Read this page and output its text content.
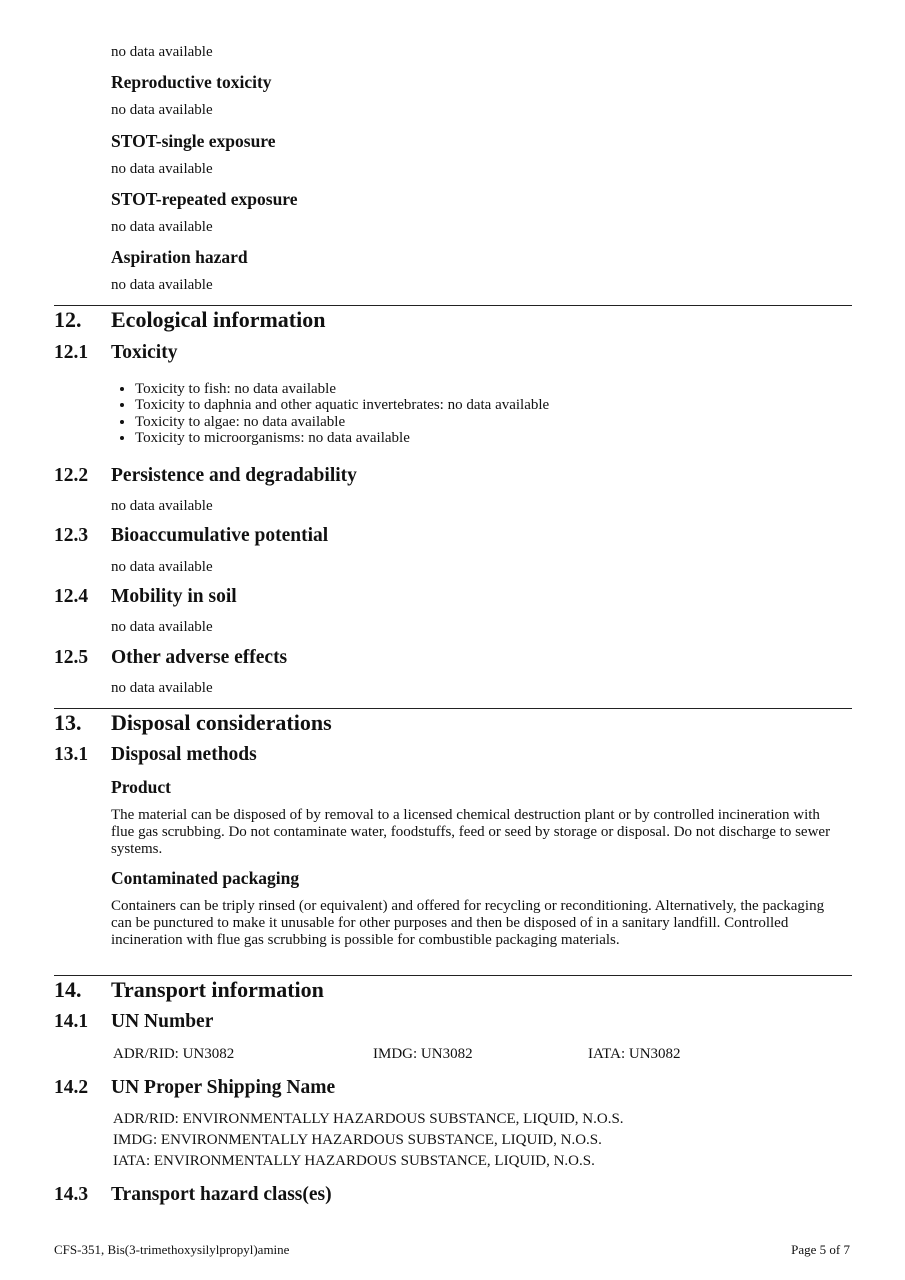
no data available
Reproductive toxicity
no data available
STOT-single exposure
no data available
STOT-repeated exposure
no data available
Aspiration hazard
no data available
12. Ecological information
12.1 Toxicity
• Toxicity to fish: no data available
• Toxicity to daphnia and other aquatic invertebrates: no data available
• Toxicity to algae: no data available
• Toxicity to microorganisms: no data available
12.2 Persistence and degradability
no data available
12.3 Bioaccumulative potential
no data available
12.4 Mobility in soil
no data available
12.5 Other adverse effects
no data available
13. Disposal considerations
13.1 Disposal methods
Product
The material can be disposed of by removal to a licensed chemical destruction plant or by controlled incineration with flue gas scrubbing. Do not contaminate water, foodstuffs, feed or seed by storage or disposal. Do not discharge to sewer systems.
Contaminated packaging
Containers can be triply rinsed (or equivalent) and offered for recycling or reconditioning. Alternatively, the packaging can be punctured to make it unusable for other purposes and then be disposed of in a sanitary landfill. Controlled incineration with flue gas scrubbing is possible for combustible packaging materials.
14. Transport information
14.1 UN Number
ADR/RID: UN3082	IMDG: UN3082	IATA: UN3082
14.2 UN Proper Shipping Name
ADR/RID: ENVIRONMENTALLY HAZARDOUS SUBSTANCE, LIQUID, N.O.S.
IMDG: ENVIRONMENTALLY HAZARDOUS SUBSTANCE, LIQUID, N.O.S.
IATA: ENVIRONMENTALLY HAZARDOUS SUBSTANCE, LIQUID, N.O.S.
14.3 Transport hazard class(es)
CFS-351, Bis(3-trimethoxysilylpropyl)amine	Page 5 of 7
